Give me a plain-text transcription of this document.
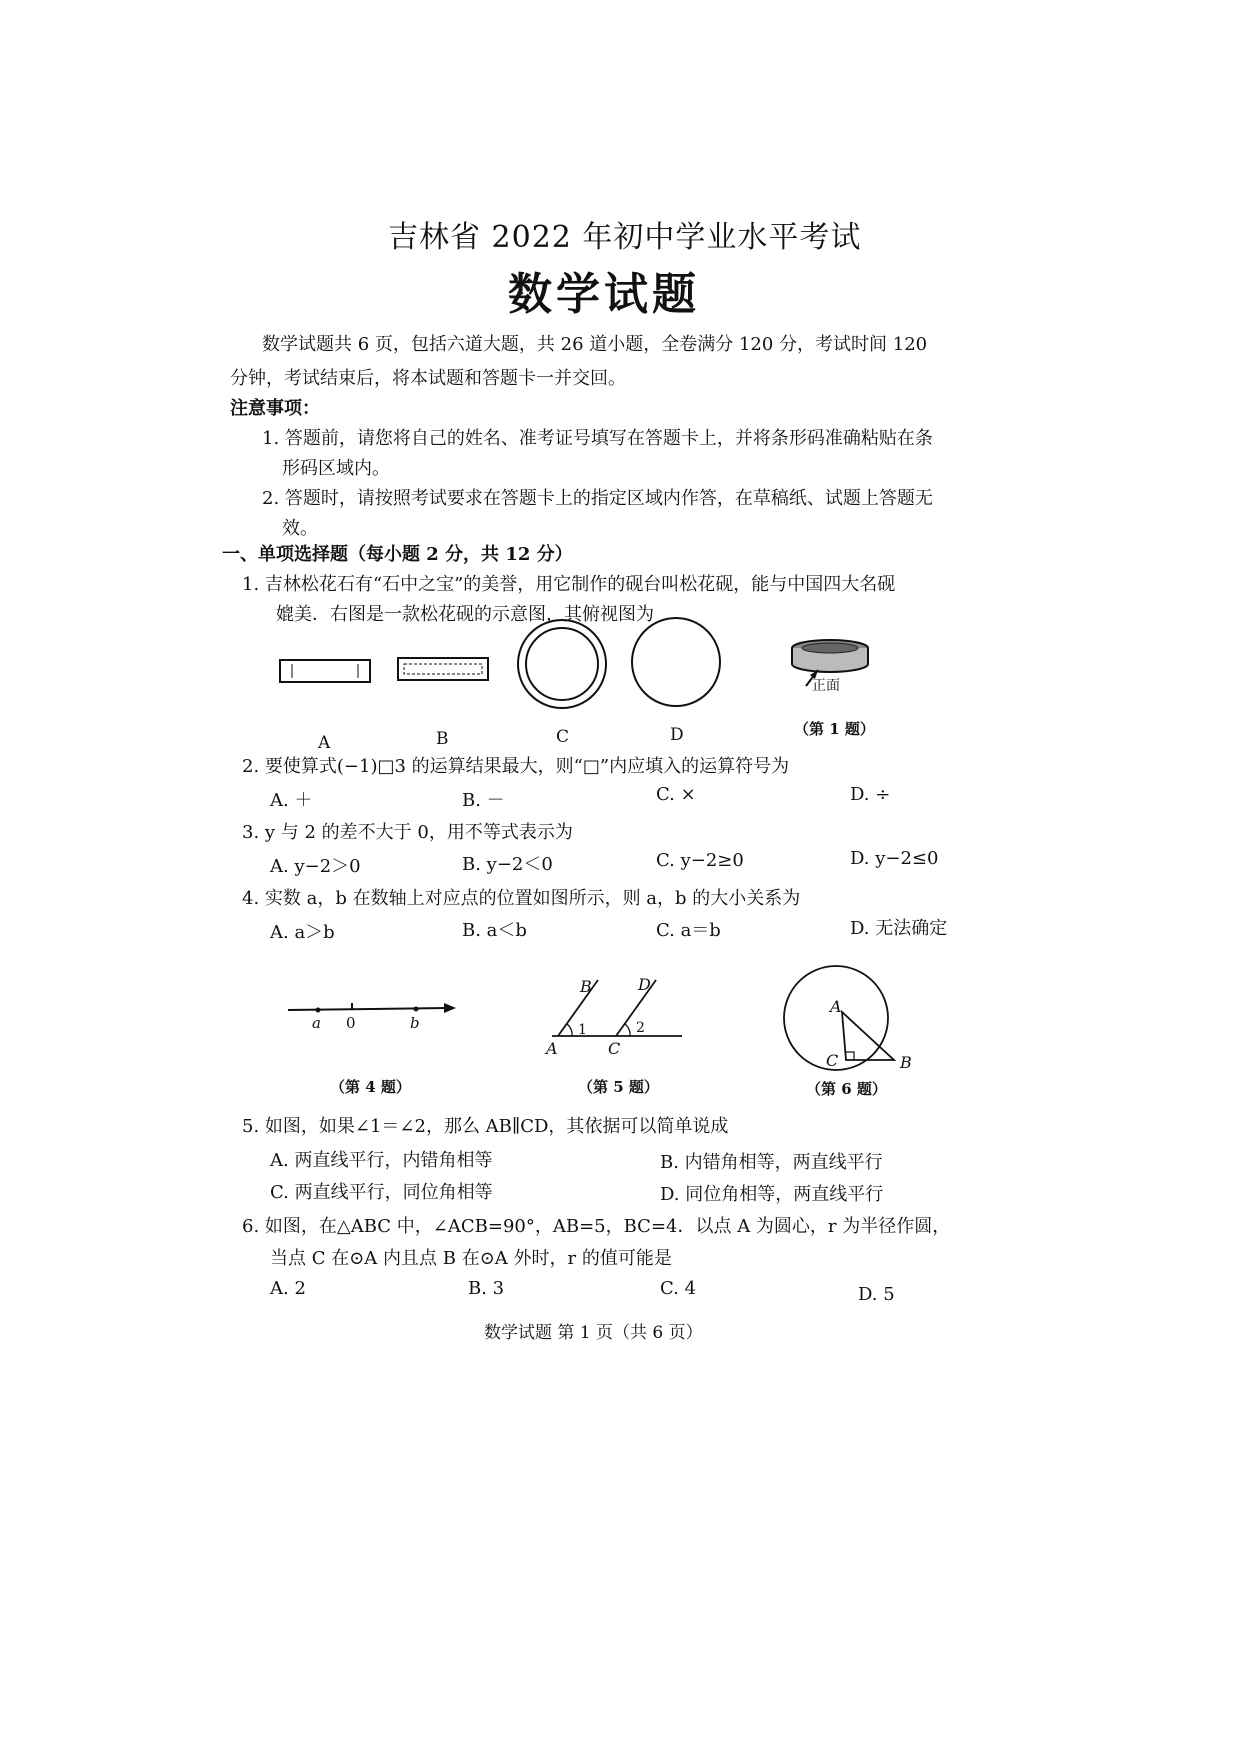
吉林省 2022 年初中学业水平考试
数学试题
数学试题共 6 页，包括六道大题，共 26 道小题，全卷满分 120 分，考试时间 120
分钟，考试结束后，将本试题和答题卡一并交回。
注意事项：
1. 答题前，请您将自己的姓名、准考证号填写在答题卡上，并将条形码准确粘贴在条
形码区域内。
2. 答题时，请按照考试要求在答题卡上的指定区域内作答，在草稿纸、试题上答题无
效。
一、单项选择题（每小题 2 分，共 12 分）
1. 吉林松花石有“石中之宝”的美誉，用它制作的砚台叫松花砚，能与中国四大名砚
媲美．右图是一款松花砚的示意图，其俯视图为
A	B	C	D
正面
（第 1 题）
2. 要使算式(−1)□3 的运算结果最大，则“□”内应填入的运算符号为
A. ＋	B. －	C. ×	D. ÷
3. y 与 2 的差不大于 0，用不等式表示为
A. y−2＞0	B. y−2＜0	C. y−2≥0	D. y−2≤0
4. 实数 a，b 在数轴上对应点的位置如图所示，则 a，b 的大小关系为
A. a＞b	B. a＜b	C. a＝b	D. 无法确定
a 0	b
（第 4 题）
B	D
1	2
A	C
（第 5 题）
A
C	B
（第 6 题）
5. 如图，如果∠1＝∠2，那么 AB∥CD，其依据可以简单说成
A. 两直线平行，内错角相等	B. 内错角相等，两直线平行
C. 两直线平行，同位角相等	D. 同位角相等，两直线平行
6. 如图，在△ABC 中，∠ACB=90°，AB=5，BC=4．以点 A 为圆心，r 为半径作圆，
当点 C 在⊙A 内且点 B 在⊙A 外时，r 的值可能是
A. 2	B. 3	C. 4	D. 5
数学试题 第 1 页（共 6 页）
